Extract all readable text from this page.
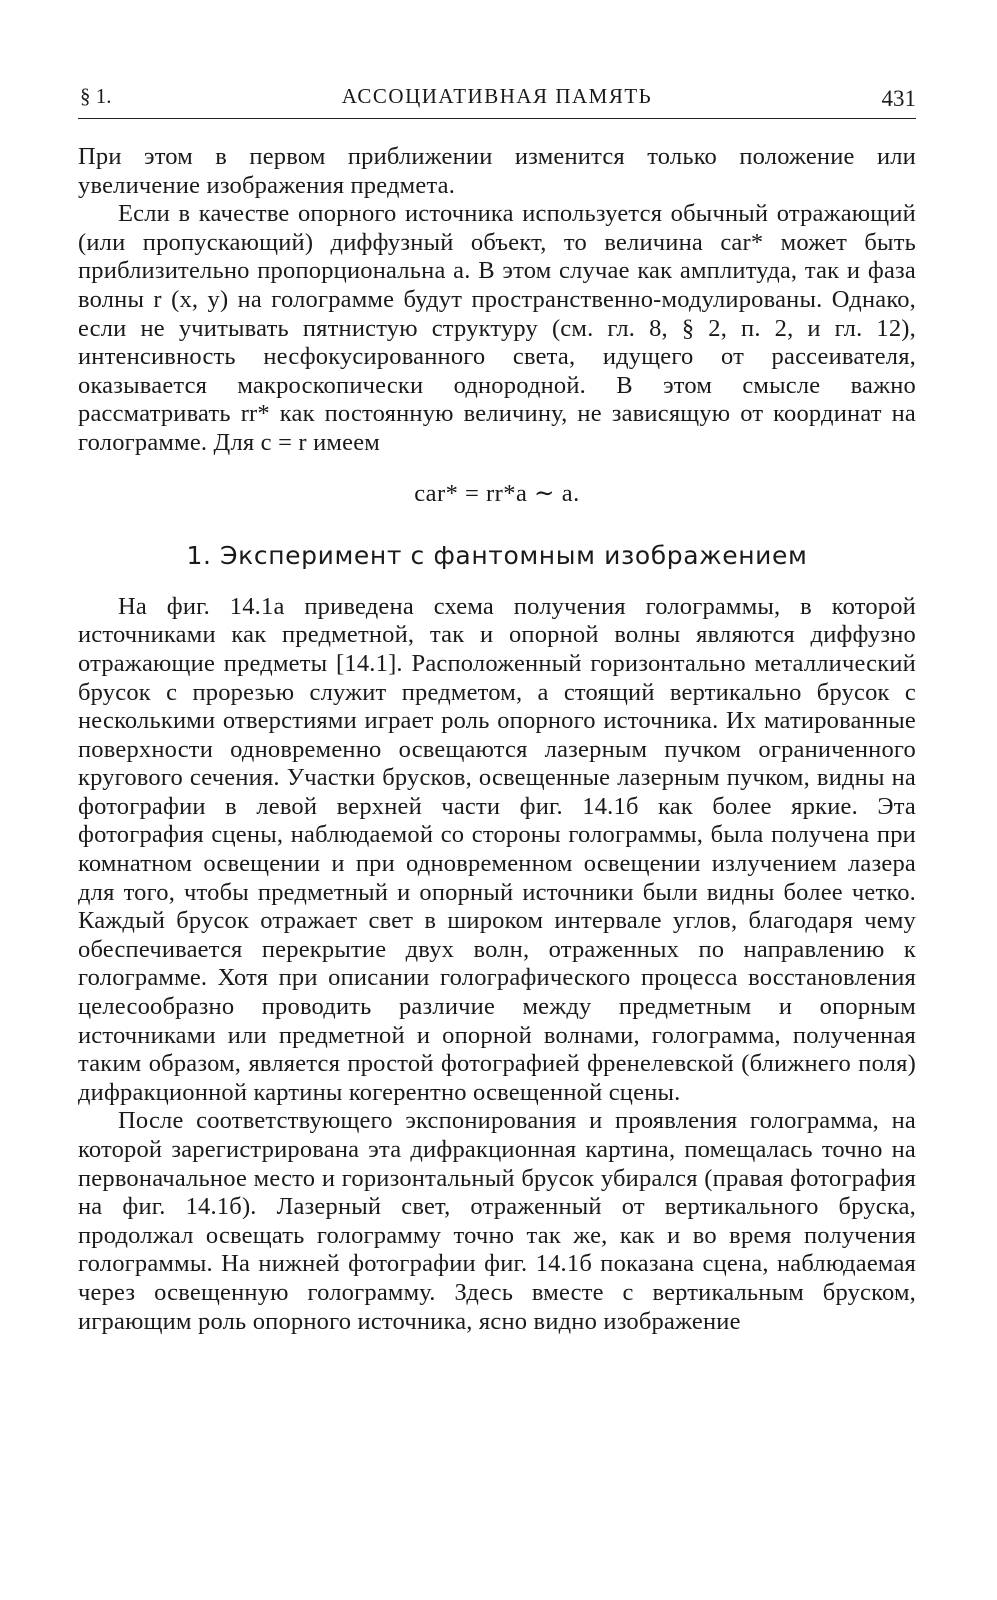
§ 1.	АССОЦИАТИВНАЯ ПАМЯТЬ	431

При этом в первом приближении изменится только положение или увеличение изображения предмета.

Если в качестве опорного источника используется обычный отражающий (или пропускающий) диффузный объект, то величина car* может быть приблизительно пропорциональна a. В этом случае как амплитуда, так и фаза волны r (x, y) на голограмме будут пространственно-модулированы. Однако, если не учитывать пятнистую структуру (см. гл. 8, § 2, п. 2, и гл. 12), интенсивность несфокусированного света, идущего от рассеивателя, оказывается макроскопически однородной. В этом смысле важно рассматривать rr* как постоянную величину, не зависящую от координат на голограмме. Для c = r имеем

car* = rr*a ∼ a.
1. Эксперимент с фантомным изображением

На фиг. 14.1а приведена схема получения голограммы, в которой источниками как предметной, так и опорной волны являются диффузно отражающие предметы [14.1]. Расположенный горизонтально металлический брусок с прорезью служит предметом, а стоящий вертикально брусок с несколькими отверстиями играет роль опорного источника. Их матированные поверхности одновременно освещаются лазерным пучком ограниченного кругового сечения. Участки брусков, освещенные лазерным пучком, видны на фотографии в левой верхней части фиг. 14.1б как более яркие. Эта фотография сцены, наблюдаемой со стороны голограммы, была получена при комнатном освещении и при одновременном освещении излучением лазера для того, чтобы предметный и опорный источники были видны более четко. Каждый брусок отражает свет в широком интервале углов, благодаря чему обеспечивается перекрытие двух волн, отраженных по направлению к голограмме. Хотя при описании голографического процесса восстановления целесообразно проводить различие между предметным и опорным источниками или предметной и опорной волнами, голограмма, полученная таким образом, является простой фотографией френелевской (ближнего поля) дифракционной картины когерентно освещенной сцены.

После соответствующего экспонирования и проявления голограмма, на которой зарегистрирована эта дифракционная картина, помещалась точно на первоначальное место и горизонтальный брусок убирался (правая фотография на фиг. 14.1б). Лазерный свет, отраженный от вертикального бруска, продолжал освещать голограмму точно так же, как и во время получения голограммы. На нижней фотографии фиг. 14.1б показана сцена, наблюдаемая через освещенную голограмму. Здесь вместе с вертикальным бруском, играющим роль опорного источника, ясно видно изображение
